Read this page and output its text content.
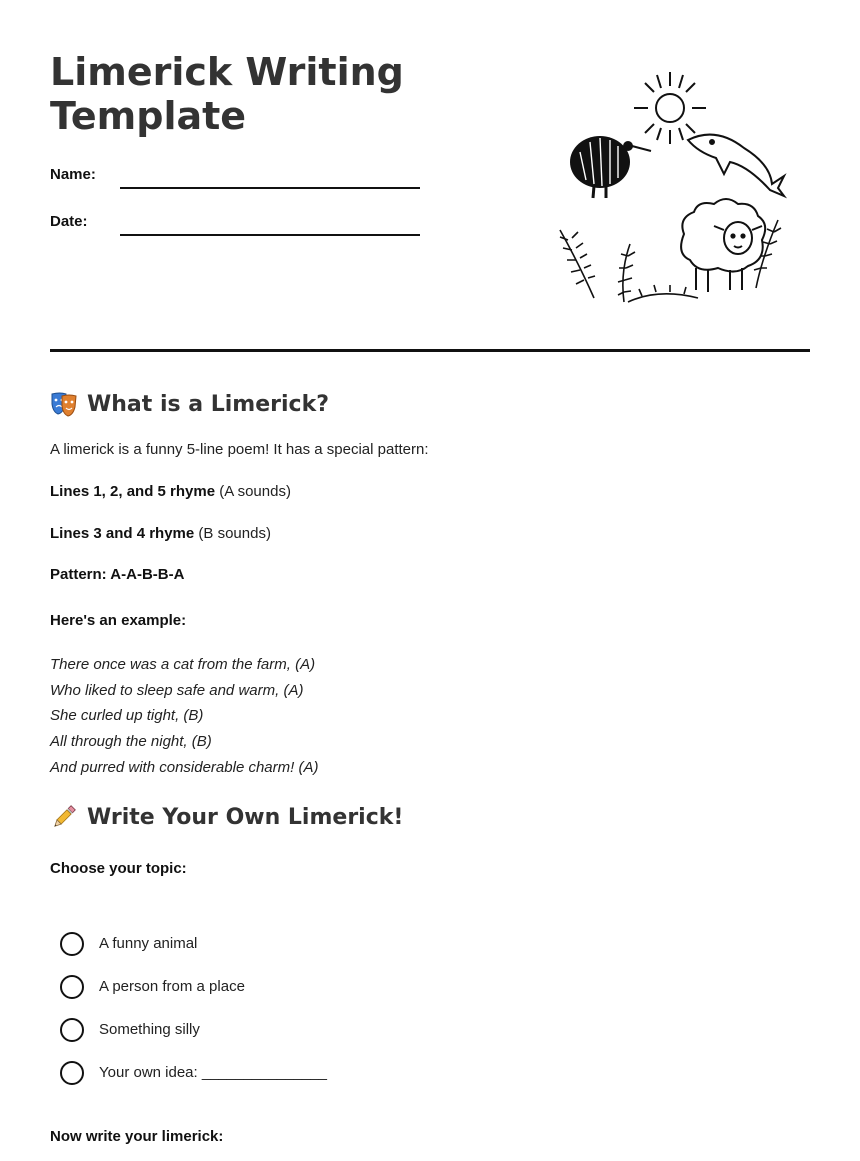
Limerick Writing Template
Name:
Date:
What is a Limerick?

A limerick is a funny 5-line poem! It has a special pattern:

Lines 1, 2, and 5 rhyme (A sounds)

Lines 3 and 4 rhyme (B sounds)

Pattern: A-A-B-B-A

Here's an example:

There once was a cat from the farm, (A)
Who liked to sleep safe and warm, (A)
She curled up tight, (B)
All through the night, (B)
And purred with considerable charm! (A)
Write Your Own Limerick!

Choose your topic:

A funny animal
A person from a place
Something silly
Your own idea: _______________

Now write your limerick:
